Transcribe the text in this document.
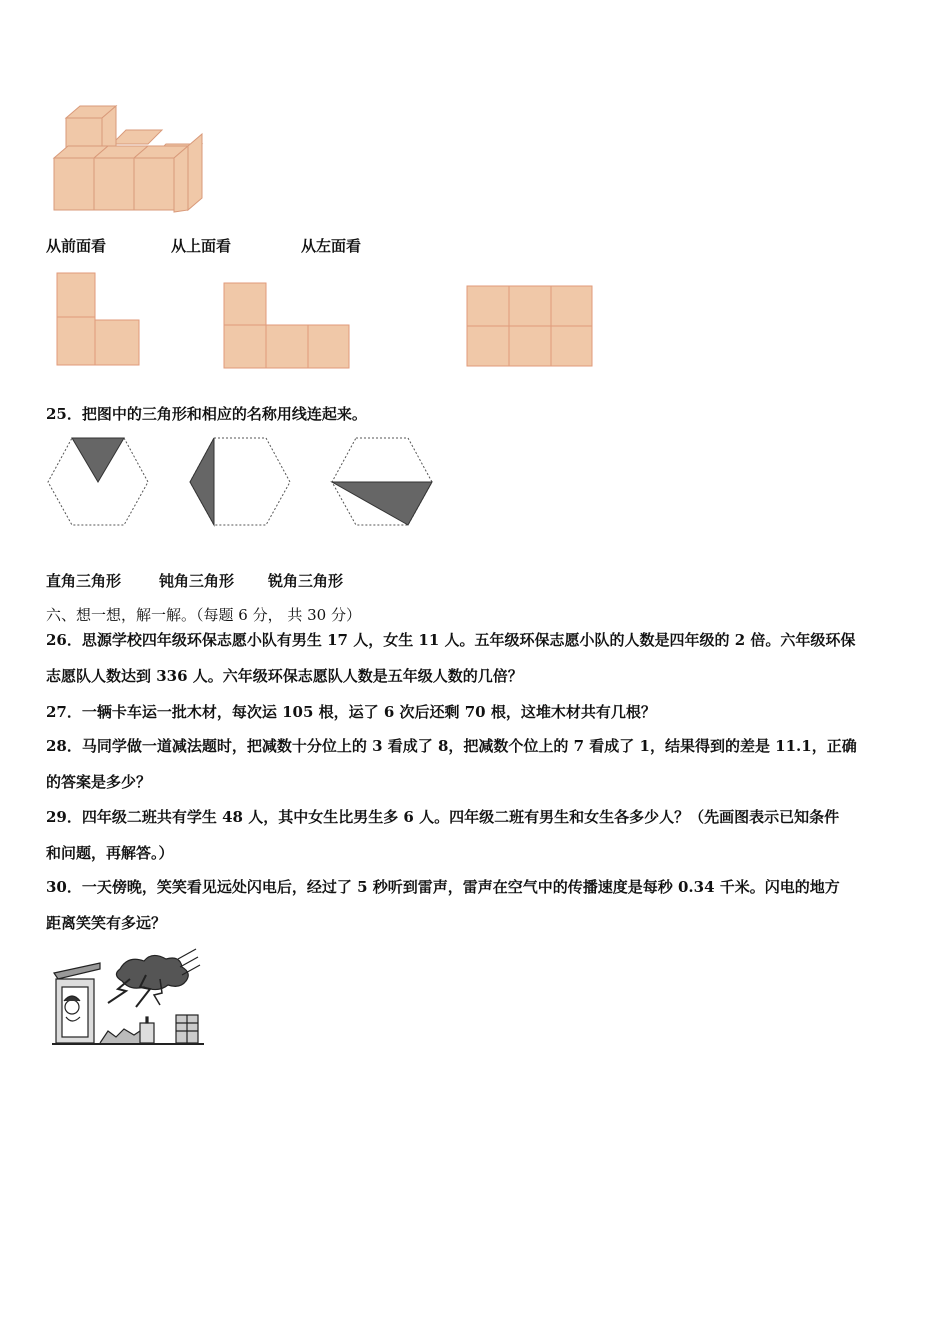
从前面看	从上面看	从左面看
25．把图中的三角形和相应的名称用线连起来。
直角三角形	钝角三角形 锐角三角形
六、想一想，解一解。（每题 6 分， 共 30 分）
26．思源学校四年级环保志愿小队有男生 17 人，女生 11 人。五年级环保志愿小队的人数是四年级的 2 倍。六年级环保
志愿队人数达到 336 人。六年级环保志愿队人数是五年级人数的几倍？
27．一辆卡车运一批木材，每次运 105 根，运了 6 次后还剩 70 根，这堆木材共有几根？
28．马同学做一道减法题时，把减数十分位上的 3 看成了 8，把减数个位上的 7 看成了 1，结果得到的差是 11.1，正确
的答案是多少？
29．四年级二班共有学生 48 人，其中女生比男生多 6 人。四年级二班有男生和女生各多少人？（先画图表示已知条件
和问题，再解答。）
30．一天傍晚，笑笑看见远处闪电后，经过了 5 秒听到雷声，雷声在空气中的传播速度是每秒 0.34 千米。闪电的地方
距离笑笑有多远？
